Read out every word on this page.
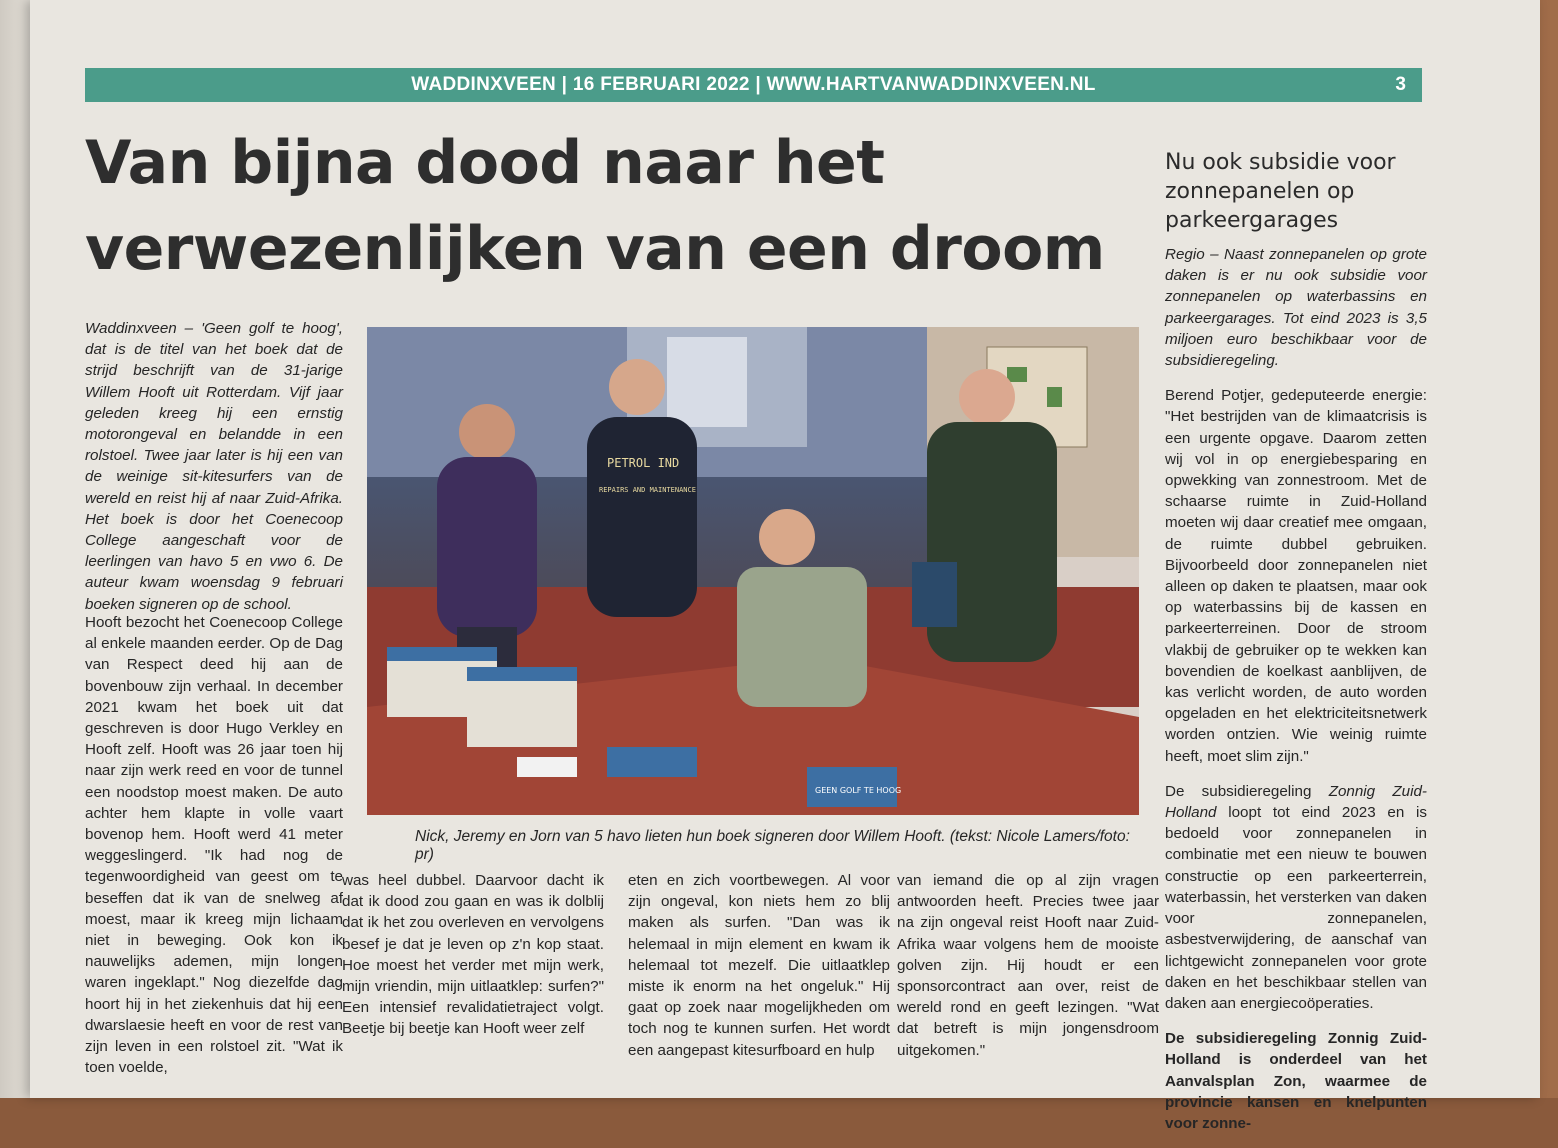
WADDINXVEEN | 16 FEBRUARI 2022 | WWW.HARTVANWADDINXVEEN.NL	3
Van bijna dood naar het
verwezenlijken van een droom

Waddinxveen – 'Geen golf te hoog', dat is de titel van het boek dat de strijd beschrijft van de 31-jarige Willem Hooft uit Rotterdam. Vijf jaar geleden kreeg hij een ernstig motorongeval en belandde in een rolstoel. Twee jaar later is hij een van de weinige sit-kitesurfers van de wereld en reist hij af naar Zuid-Afrika. Het boek is door het Coenecoop College aangeschaft voor de leerlingen van havo 5 en vwo 6. De auteur kwam woensdag 9 februari boeken signeren op de school.

Hooft bezocht het Coenecoop College al enkele maanden eerder. Op de Dag van Respect deed hij aan de bovenbouw zijn verhaal. In december 2021 kwam het boek uit dat geschreven is door Hugo Verkley en Hooft zelf. Hooft was 26 jaar toen hij naar zijn werk reed en voor de tunnel een noodstop moest maken. De auto achter hem klapte in volle vaart bovenop hem. Hooft werd 41 meter weggeslingerd. "Ik had nog de tegenwoordigheid van geest om te beseffen dat ik van de snelweg af moest, maar ik kreeg mijn lichaam niet in beweging. Ook kon ik nauwelijks ademen, mijn longen waren ingeklapt." Nog diezelfde dag hoort hij in het ziekenhuis dat hij een dwarslaesie heeft en voor de rest van zijn leven in een rolstoel zit. "Wat ik toen voelde,

PETROL IND
REPAIRS AND MAINTENANCE
GEEN GOLF TE HOOG
Nick, Jeremy en Jorn van 5 havo lieten hun boek signeren door Willem Hooft. (tekst: Nicole Lamers/foto: pr)

was heel dubbel. Daarvoor dacht ik dat ik dood zou gaan en was ik dolblij dat ik het zou overleven en vervolgens besef je dat je leven op z'n kop staat. Hoe moest het verder met mijn werk, mijn vriendin, mijn uitlaatklep: surfen?" Een intensief revalidatietraject volgt. Beetje bij beetje kan Hooft weer zelf

eten en zich voortbewegen. Al voor zijn ongeval, kon niets hem zo blij maken als surfen. "Dan was ik helemaal in mijn element en kwam ik helemaal tot mezelf. Die uitlaatklep miste ik enorm na het ongeluk." Hij gaat op zoek naar mogelijkheden om toch nog te kunnen surfen. Het wordt een aangepast kitesurfboard en hulp

van iemand die op al zijn vragen antwoorden heeft. Precies twee jaar na zijn ongeval reist Hooft naar Zuid-Afrika waar volgens hem de mooiste golven zijn. Hij houdt er een sponsorcontract aan over, reist de wereld rond en geeft lezingen. "Wat dat betreft is mijn jongensdroom uitgekomen."

Nu ook subsidie voor zonnepanelen op parkeergarages

Regio – Naast zonnepanelen op grote daken is er nu ook subsidie voor zonnepanelen op waterbassins en parkeergarages. Tot eind 2023 is 3,5 miljoen euro beschikbaar voor de subsidieregeling.

Berend Potjer, gedeputeerde energie: "Het bestrijden van de klimaatcrisis is een urgente opgave. Daarom zetten wij vol in op energiebesparing en opwekking van zonnestroom. Met de schaarse ruimte in Zuid-Holland moeten wij daar creatief mee omgaan, de ruimte dubbel gebruiken. Bijvoorbeeld door zonnepanelen niet alleen op daken te plaatsen, maar ook op waterbassins bij de kassen en parkeerterreinen. Door de stroom vlakbij de gebruiker op te wekken kan bovendien de koelkast aanblijven, de kas verlicht worden, de auto worden opgeladen en het elektriciteitsnetwerk worden ontzien. Wie weinig ruimte heeft, moet slim zijn."

De subsidieregeling Zonnig Zuid-Holland loopt tot eind 2023 en is bedoeld voor zonnepanelen in combinatie met een nieuw te bouwen constructie op een parkeerterrein, waterbassin, het versterken van daken voor zonnepanelen, asbestverwijdering, de aanschaf van lichtgewicht zonnepanelen voor grote daken en het beschikbaar stellen van daken aan energiecoöperaties.

De subsidieregeling Zonnig Zuid-Holland is onderdeel van het Aanvalsplan Zon, waarmee de provincie kansen en knelpunten voor zonne-
